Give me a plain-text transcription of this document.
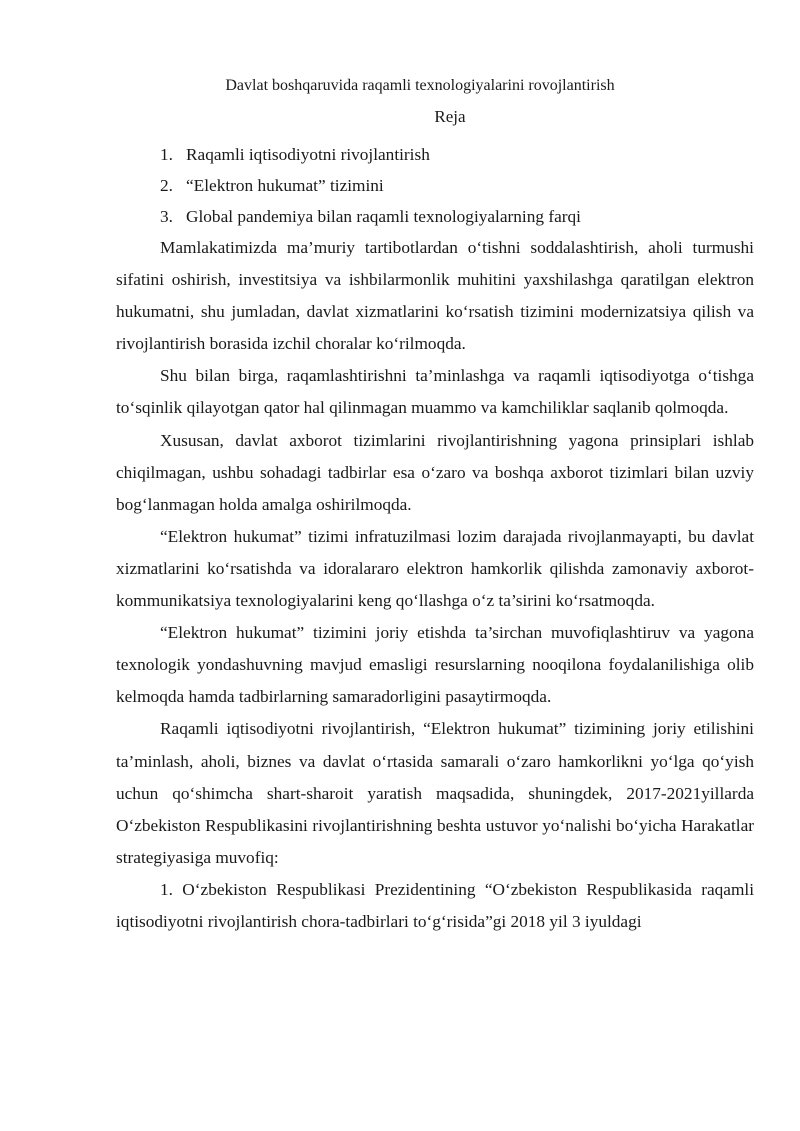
Davlat boshqaruvida raqamli texnologiyalarini rovojlantirish
Reja
1. Raqamli iqtisodiyotni rivojlantirish
2. “Elektron hukumat” tizimini
3. Global pandemiya bilan raqamli texnologiyalarning farqi

Mamlakatimizda ma’muriy tartibotlardan o‘tishni soddalashtirish, aholi turmushi sifatini oshirish, investitsiya va ishbilarmonlik muhitini yaxshilashga qaratilgan elektron hukumatni, shu jumladan, davlat xizmatlarini ko‘rsatish tizimini modernizatsiya qilish va rivojlantirish borasida izchil choralar ko‘rilmoqda.

Shu bilan birga, raqamlashtirishni ta’minlashga va raqamli iqtisodiyotga o‘tishga to‘sqinlik qilayotgan qator hal qilinmagan muammo va kamchiliklar saqlanib qolmoqda.

Xususan, davlat axborot tizimlarini rivojlantirishning yagona prinsiplari ishlab chiqilmagan, ushbu sohadagi tadbirlar esa o‘zaro va boshqa axborot tizimlari bilan uzviy bog‘lanmagan holda amalga oshirilmoqda.

“Elektron hukumat” tizimi infratuzilmasi lozim darajada rivojlanmayapti, bu davlat xizmatlarini ko‘rsatishda va idoralararo elektron hamkorlik qilishda zamonaviy axborot-kommunikatsiya texnologiyalarini keng qo‘llashga o‘z ta’sirini ko‘rsatmoqda.

“Elektron hukumat” tizimini joriy etishda ta’sirchan muvofiqlashtiruv va yagona texnologik yondashuvning mavjud emasligi resurslarning nooqilona foydalanilishiga olib kelmoqda hamda tadbirlarning samaradorligini pasaytirmoqda.

Raqamli iqtisodiyotni rivojlantirish, “Elektron hukumat” tizimining joriy etilishini ta’minlash, aholi, biznes va davlat o‘rtasida samarali o‘zaro hamkorlikni yo‘lga qo‘yish uchun qo‘shimcha shart-sharoit yaratish maqsadida, shuningdek, 2017-2021yillarda O‘zbekiston Respublikasini rivojlantirishning beshta ustuvor yo‘nalishi bo‘yicha Harakatlar strategiyasiga muvofiq:

1. O‘zbekiston Respublikasi Prezidentining “O‘zbekiston Respublikasida raqamli iqtisodiyotni rivojlantirish chora-tadbirlari to‘g‘risida”gi 2018 yil 3 iyuldagi
